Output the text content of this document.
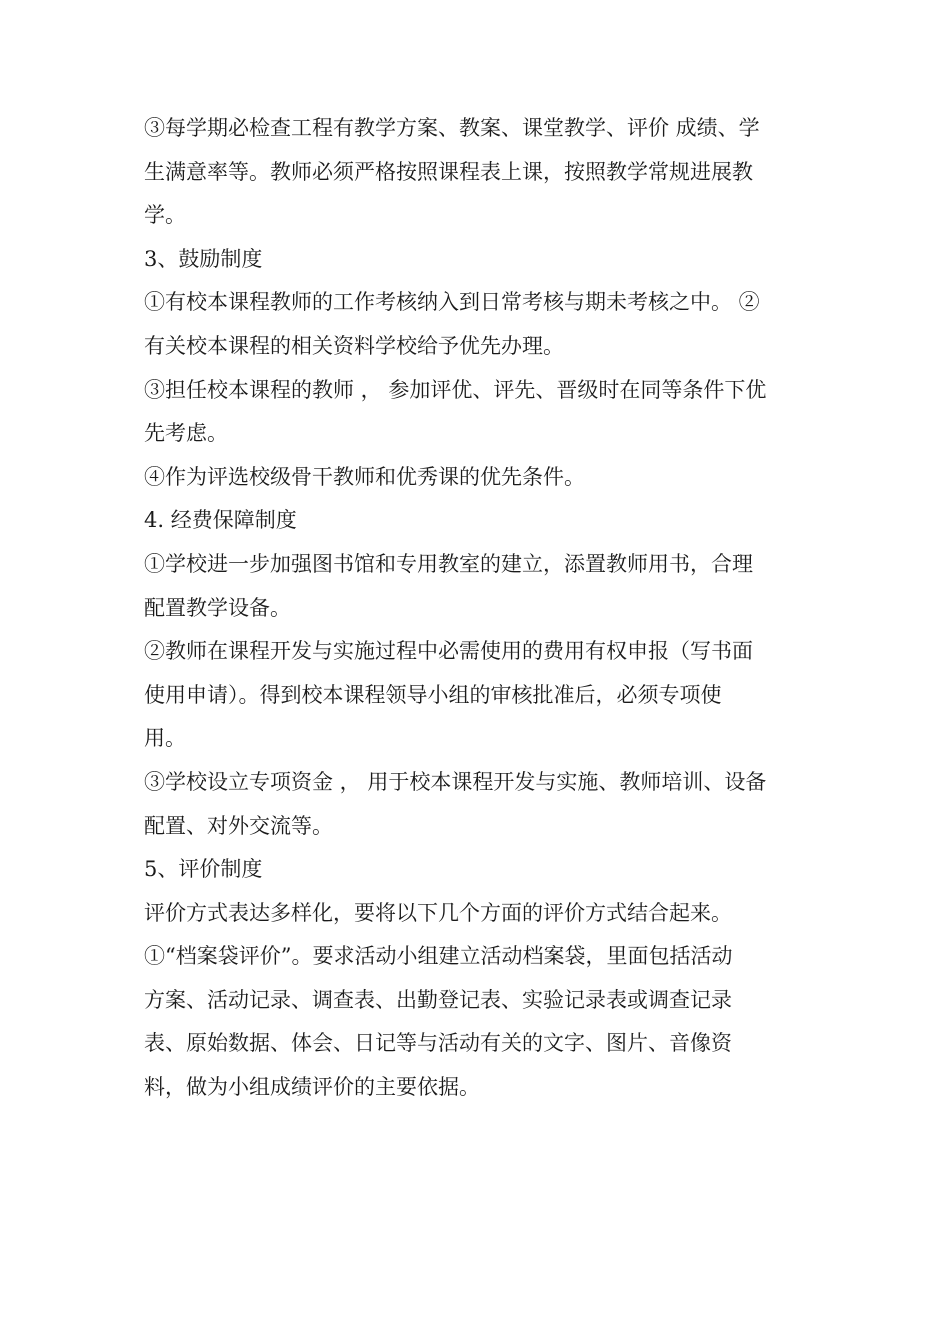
③每学期必检查工程有教学方案、教案、课堂教学、评价 成绩、学
生满意率等。教师必须严格按照课程表上课，按照教学常规进展教
学。
3、鼓励制度
①有校本课程教师的工作考核纳入到日常考核与期未考核之中。 ②
有关校本课程的相关资料学校给予优先办理。
③担任校本课程的教师 ， 参加评优、评先、晋级时在同等条件下优
先考虑。
④作为评选校级骨干教师和优秀课的优先条件。
4. 经费保障制度
①学校进一步加强图书馆和专用教室的建立，添置教师用书，合理
配置教学设备。
②教师在课程开发与实施过程中必需使用的费用有权申报（写书面
使用申请）。得到校本课程领导小组的审核批准后，必须专项使
用。
③学校设立专项资金 ， 用于校本课程开发与实施、教师培训、设备
配置、对外交流等。
5、评价制度
评价方式表达多样化，要将以下几个方面的评价方式结合起来。
①“档案袋评价”。要求活动小组建立活动档案袋，里面包括活动
方案、活动记录、调查表、出勤登记表、实验记录表或调查记录
表、原始数据、体会、日记等与活动有关的文字、图片、音像资
料，做为小组成绩评价的主要依据。
